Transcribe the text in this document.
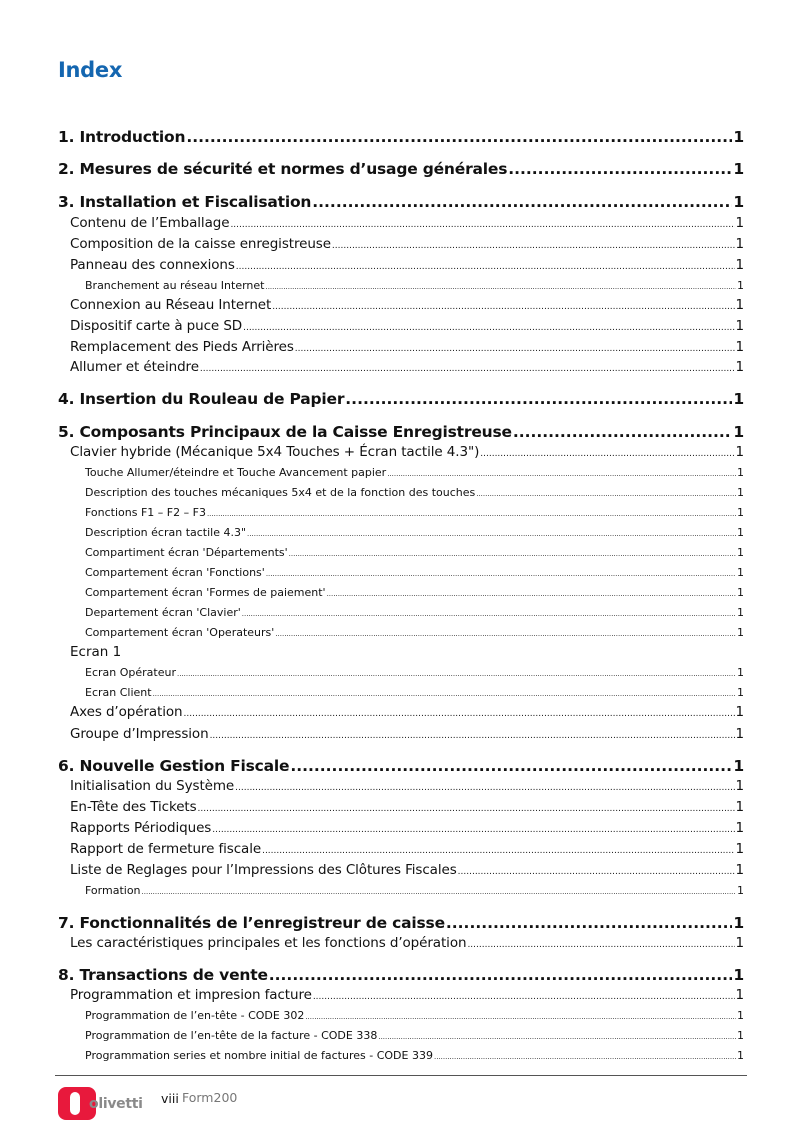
Index
1. Introduction .....	1
2. Mesures de sécurité et normes d’usage générales .....	1
3. Installation et Fiscalisation .....	1
Contenu de l’Emballage .....	1
Composition de la caisse enregistreuse .....	1
Panneau des connexions .....	1
Branchement au réseau Internet .....	1
Connexion au Réseau Internet .....	1
Dispositif carte à puce SD .....	1
Remplacement des Pieds Arrières .....	1
Allumer et éteindre .....	1
4. Insertion du Rouleau de Papier .....	1
5. Composants Principaux de la Caisse Enregistreuse .....	1
Clavier hybride (Mécanique 5x4 Touches + Écran tactile 4.3") .....	1
Touche Allumer/éteindre et Touche Avancement papier .....	1
Description des touches mécaniques 5x4 et de la fonction des touches .....	1
Fonctions F1 – F2 – F3 .....	1
Description écran tactile 4.3" .....	1
Compartiment écran 'Départements' .....	1
Compartement écran 'Fonctions' .....	1
Compartement écran 'Formes de paiement' .....	1
Departement écran 'Clavier' .....	1
Compartement écran 'Operateurs' .....	1
Ecran 1
Ecran Opérateur .....	1
Ecran Client .....	1
Axes d’opération .....	1
Groupe d’Impression .....	1
6. Nouvelle Gestion Fiscale .....	1
Initialisation du Système .....	1
En-Tête des Tickets .....	1
Rapports Périodiques .....	1
Rapport de fermeture fiscale .....	1
Liste de Reglages pour l’Impressions des Clôtures Fiscales .....	1
Formation .....	1
7. Fonctionnalités de l’enregistreur de caisse .....	1
Les caractéristiques principales et les fonctions d’opération .....	1
8. Transactions de vente .....	1
Programmation et impresion facture .....	1
Programmation de l’en-tête - CODE 302 .....	1
Programmation de l’en-tête de la facture - CODE 338 .....	1
Programmation series et nombre initial de factures - CODE 339 .....	1
olivetti viii Form200
